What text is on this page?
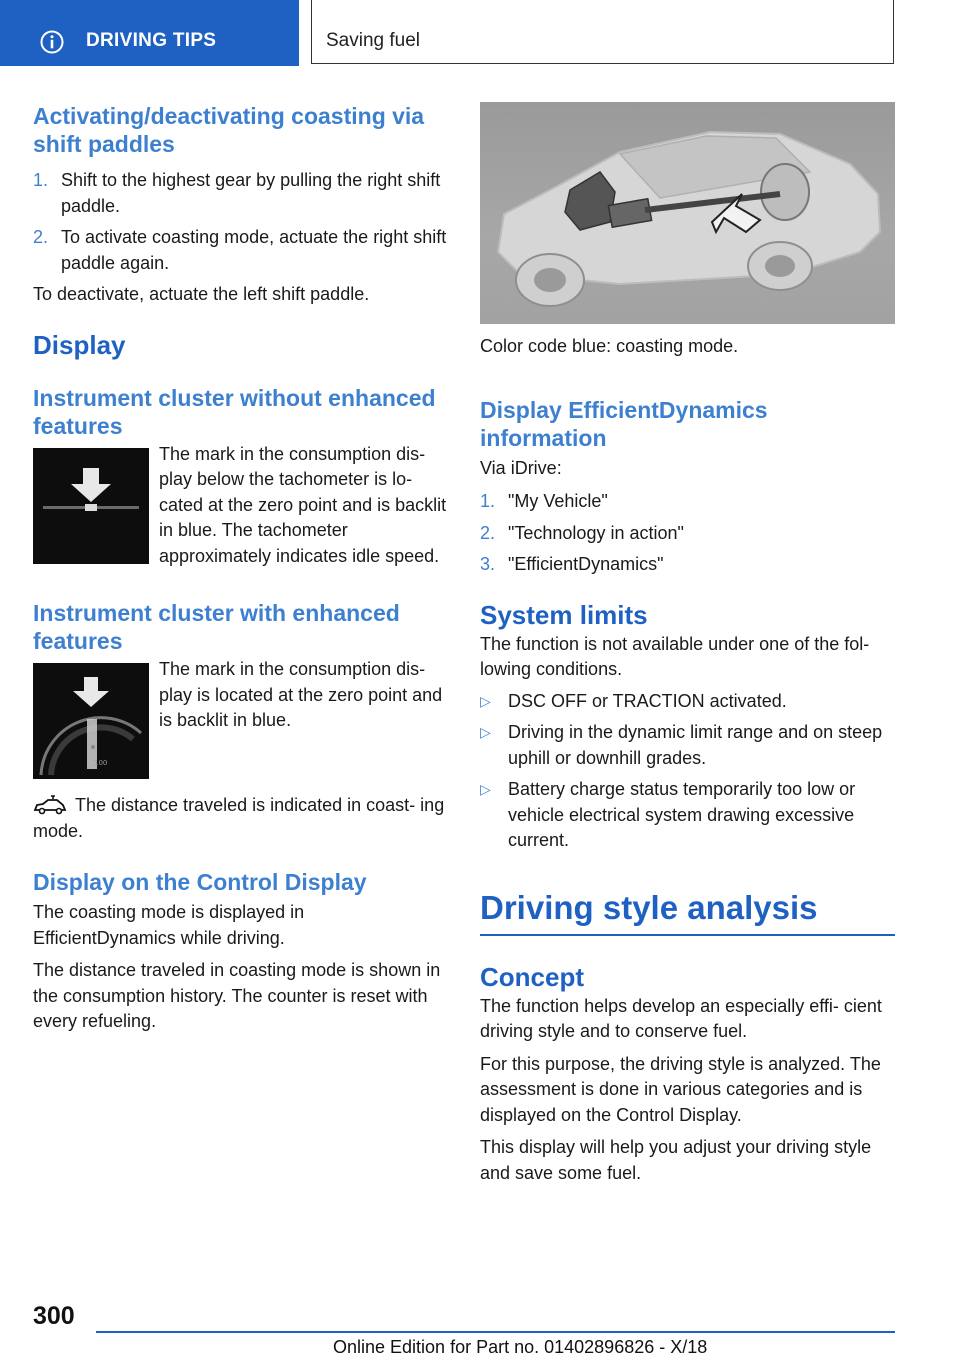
DRIVING TIPS	Saving fuel
Activating/deactivating coasting via shift paddles
1. Shift to the highest gear by pulling the right shift paddle.
2. To activate coasting mode, actuate the right shift paddle again.

To deactivate, actuate the left shift paddle.

Display
Instrument cluster without enhanced features

The mark in the consumption dis- play below the tachometer is lo- cated at the zero point and is backlit in blue. The tachometer approximately indicates idle speed.

Instrument cluster with enhanced features
100

The mark in the consumption dis- play is located at the zero point and is backlit in blue.

The distance traveled is indicated in coast- ing mode.

Display on the Control Display

The coasting mode is displayed in EfficientDynamics while driving.

The distance traveled in coasting mode is shown in the consumption history. The counter is reset with every refueling.

Color code blue: coasting mode.

Display EfficientDynamics information

Via iDrive:

1. "My Vehicle"
2. "Technology in action"
3. "EfficientDynamics"
System limits

The function is not available under one of the fol- lowing conditions.

▷ DSC OFF or TRACTION activated.
▷ Driving in the dynamic limit range and on steep uphill or downhill grades.
▷ Battery charge status temporarily too low or vehicle electrical system drawing excessive current.
Driving style analysis
Concept

The function helps develop an especially effi- cient driving style and to conserve fuel.

For this purpose, the driving style is analyzed. The assessment is done in various categories and is displayed on the Control Display.

This display will help you adjust your driving style and save some fuel.

300
Online Edition for Part no. 01402896826 - X/18
